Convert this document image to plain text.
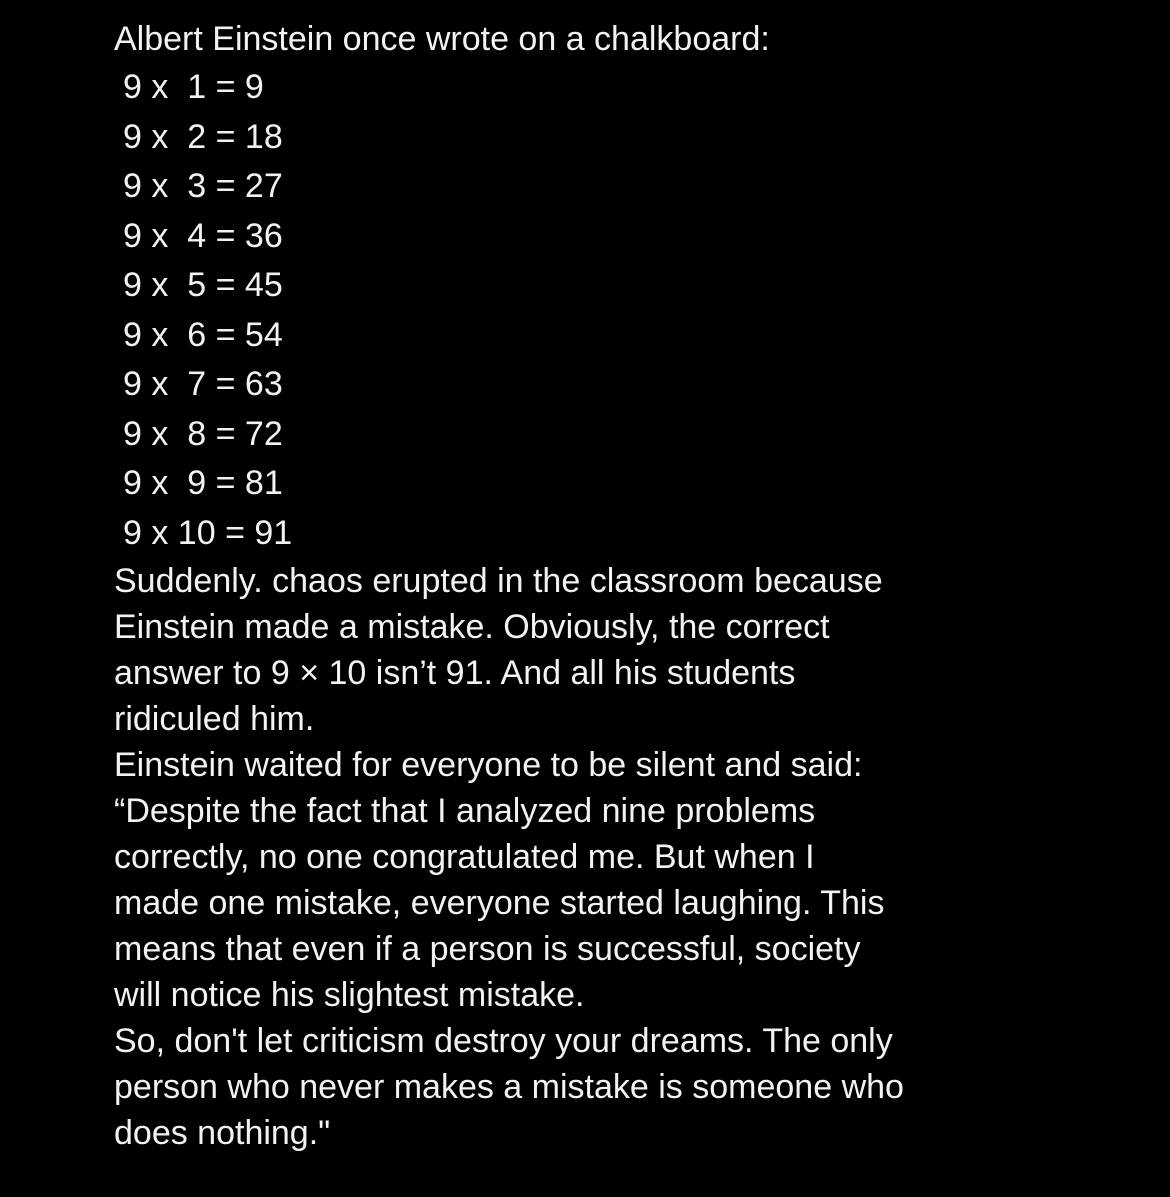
Albert Einstein once wrote on a chalkboard:

9 x  1 = 9
9 x  2 = 18
9 x  3 = 27
9 x  4 = 36
9 x  5 = 45
9 x  6 = 54
9 x  7 = 63
9 x  8 = 72
9 x  9 = 81
9 x 10 = 91

Suddenly. chaos erupted in the classroom because

Einstein made a mistake. Obviously, the correct

answer to 9 × 10 isn’t 91. And all his students

ridiculed him.

Einstein waited for everyone to be silent and said:

“Despite the fact that I analyzed nine problems

correctly, no one congratulated me. But when I

made one mistake, everyone started laughing. This

means that even if a person is successful, society

will notice his slightest mistake.

So, don't let criticism destroy your dreams. The only

person who never makes a mistake is someone who

does nothing."
